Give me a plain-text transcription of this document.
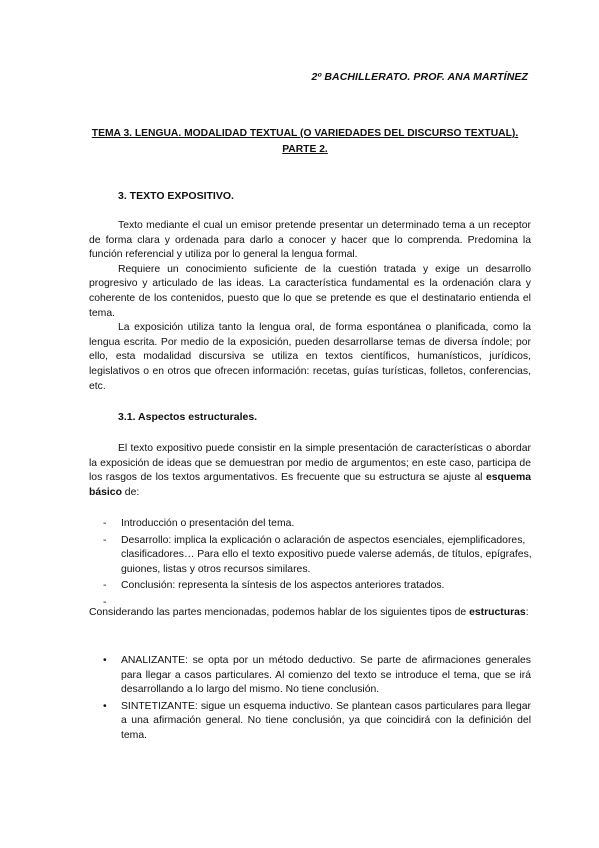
2º BACHILLERATO. PROF. ANA MARTÍNEZ
TEMA 3. LENGUA. MODALIDAD TEXTUAL (O VARIEDADES DEL DISCURSO TEXTUAL).
PARTE 2.
3. TEXTO EXPOSITIVO.

Texto mediante el cual un emisor pretende presentar un determinado tema a un receptor de forma clara y ordenada para darlo a conocer y hacer que lo comprenda. Predomina la función referencial y utiliza por lo general la lengua formal.

Requiere un conocimiento suficiente de la cuestión tratada y exige un desarrollo progresivo y articulado de las ideas. La característica fundamental es la ordenación clara y coherente de los contenidos, puesto que lo que se pretende es que el destinatario entienda el tema.

La exposición utiliza tanto la lengua oral, de forma espontánea o planificada, como la lengua escrita. Por medio de la exposición, pueden desarrollarse temas de diversa índole; por ello, esta modalidad discursiva se utiliza en textos científicos, humanísticos, jurídicos, legislativos o en otros que ofrecen información: recetas, guías turísticas, folletos, conferencias, etc.

3.1. Aspectos estructurales.

El texto expositivo puede consistir en la simple presentación de características o abordar la exposición de ideas que se demuestran por medio de argumentos; en este caso, participa de los rasgos de los textos argumentativos. Es frecuente que su estructura se ajuste al esquema básico de:

- Introducción o presentación del tema.
- Desarrollo: implica la explicación o aclaración de aspectos esenciales, ejemplificadores, clasificadores… Para ello el texto expositivo puede valerse además, de títulos, epígrafes, guiones, listas y otros recursos similares.
- Conclusión: representa la síntesis de los aspectos anteriores tratados.
-

Considerando las partes mencionadas, podemos hablar de los siguientes tipos de estructuras:

•	ANALIZANTE: se opta por un método deductivo. Se parte de afirmaciones generales para llegar a casos particulares. Al comienzo del texto se introduce el tema, que se irá desarrollando a lo largo del mismo. No tiene conclusión.
•	SINTETIZANTE: sigue un esquema inductivo. Se plantean casos particulares para llegar a una afirmación general. No tiene conclusión, ya que coincidirá con la definición del tema.
